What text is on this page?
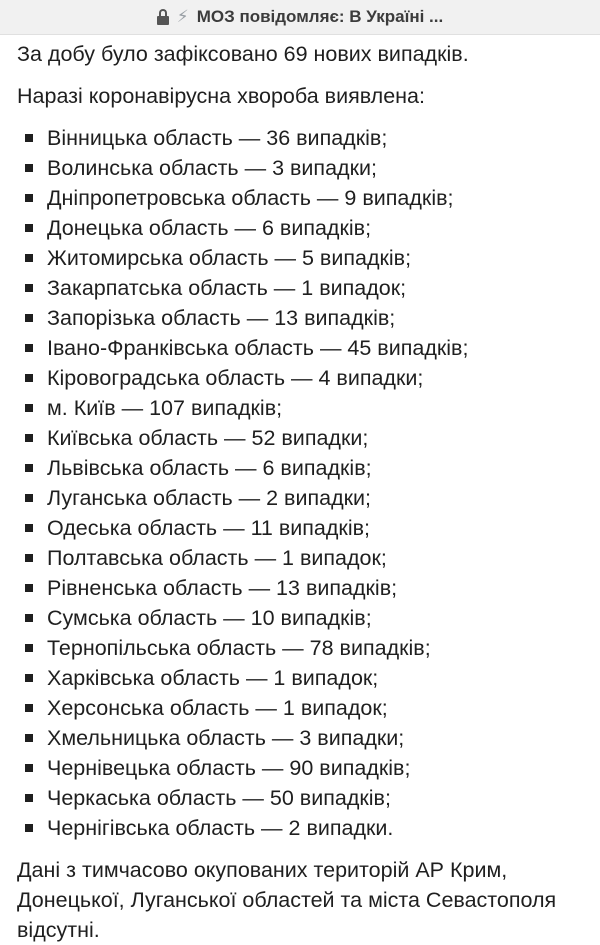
⚡ МОЗ повідомляє: В Україні ...

За добу було зафіксовано 69 нових випадків.

Наразі коронавірусна хвороба виявлена:

Вінницька область — 36 випадків;
Волинська область — 3 випадки;
Дніпропетровська область — 9 випадків;
Донецька область — 6 випадків;
Житомирська область — 5 випадків;
Закарпатська область — 1 випадок;
Запорізька область — 13 випадків;
Івано-Франківська область — 45 випадків;
Кіровоградська область — 4 випадки;
м. Київ — 107 випадків;
Київська область — 52 випадки;
Львівська область — 6 випадків;
Луганська область — 2 випадки;
Одеська область — 11 випадків;
Полтавська область — 1 випадок;
Рівненська область — 13 випадків;
Сумська область — 10 випадків;
Тернопільська область — 78 випадків;
Харківська область — 1 випадок;
Херсонська область — 1 випадок;
Хмельницька область — 3 випадки;
Чернівецька область — 90 випадків;
Черкаська область — 50 випадків;
Чернігівська область — 2 випадки.

Дані з тимчасово окупованих територій АР Крим, Донецької, Луганської областей та міста Севастополя відсутні.
